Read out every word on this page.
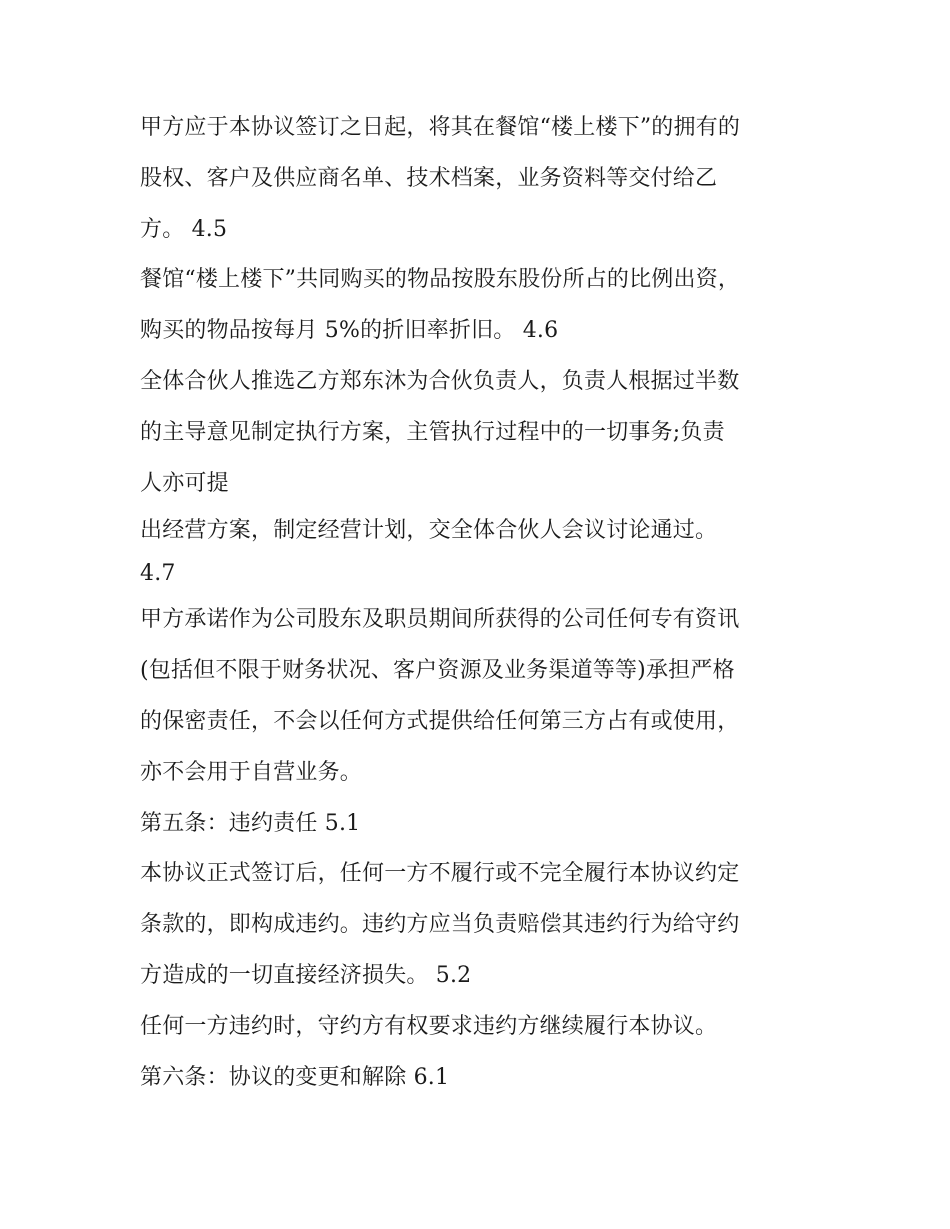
甲方应于本协议签订之日起，将其在餐馆“楼上楼下”的拥有的
股权、客户及供应商名单、技术档案，业务资料等交付给乙
方。 4.5
餐馆“楼上楼下”共同购买的物品按股东股份所占的比例出资，
购买的物品按每月 5%的折旧率折旧。 4.6
全体合伙人推选乙方郑东沐为合伙负责人，负责人根据过半数
的主导意见制定执行方案，主管执行过程中的一切事务;负责
人亦可提
出经营方案，制定经营计划，交全体合伙人会议讨论通过。
4.7
甲方承诺作为公司股东及职员期间所获得的公司任何专有资讯
(包括但不限于财务状况、客户资源及业务渠道等等)承担严格
的保密责任，不会以任何方式提供给任何第三方占有或使用，
亦不会用于自营业务。
第五条：违约责任 5.1
本协议正式签订后，任何一方不履行或不完全履行本协议约定
条款的，即构成违约。违约方应当负责赔偿其违约行为给守约
方造成的一切直接经济损失。 5.2
任何一方违约时，守约方有权要求违约方继续履行本协议。
第六条：协议的变更和解除 6.1
